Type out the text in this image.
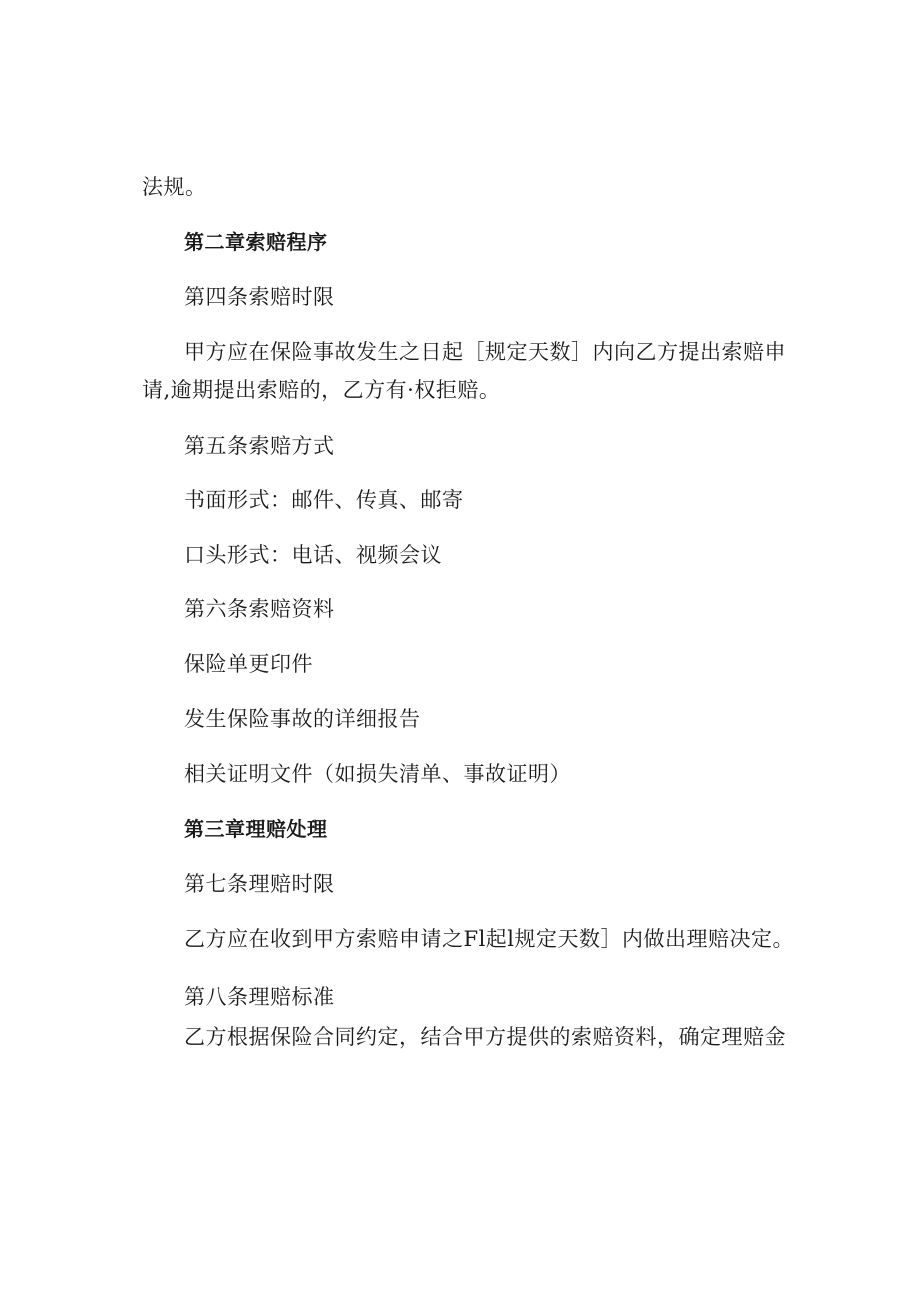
法规。
第二章索赔程序
第四条索赔时限
甲方应在保险事故发生之日起［规定天数］内向乙方提出索赔申
请,逾期提出索赔的，乙方有·权拒赔。
第五条索赔方式
书面形式：邮件、传真、邮寄
口头形式：电话、视频会议
第六条索赔资料
保险单更印件
发生保险事故的详细报告
相关证明文件（如损失清单、事故证明）
第三章理赔处理
第七条理赔时限
乙方应在收到甲方索赔申请之Fl起l规定天数］内做出理赔决定。
第八条理赔标准
乙方根据保险合同约定，结合甲方提供的索赔资料，确定理赔金
